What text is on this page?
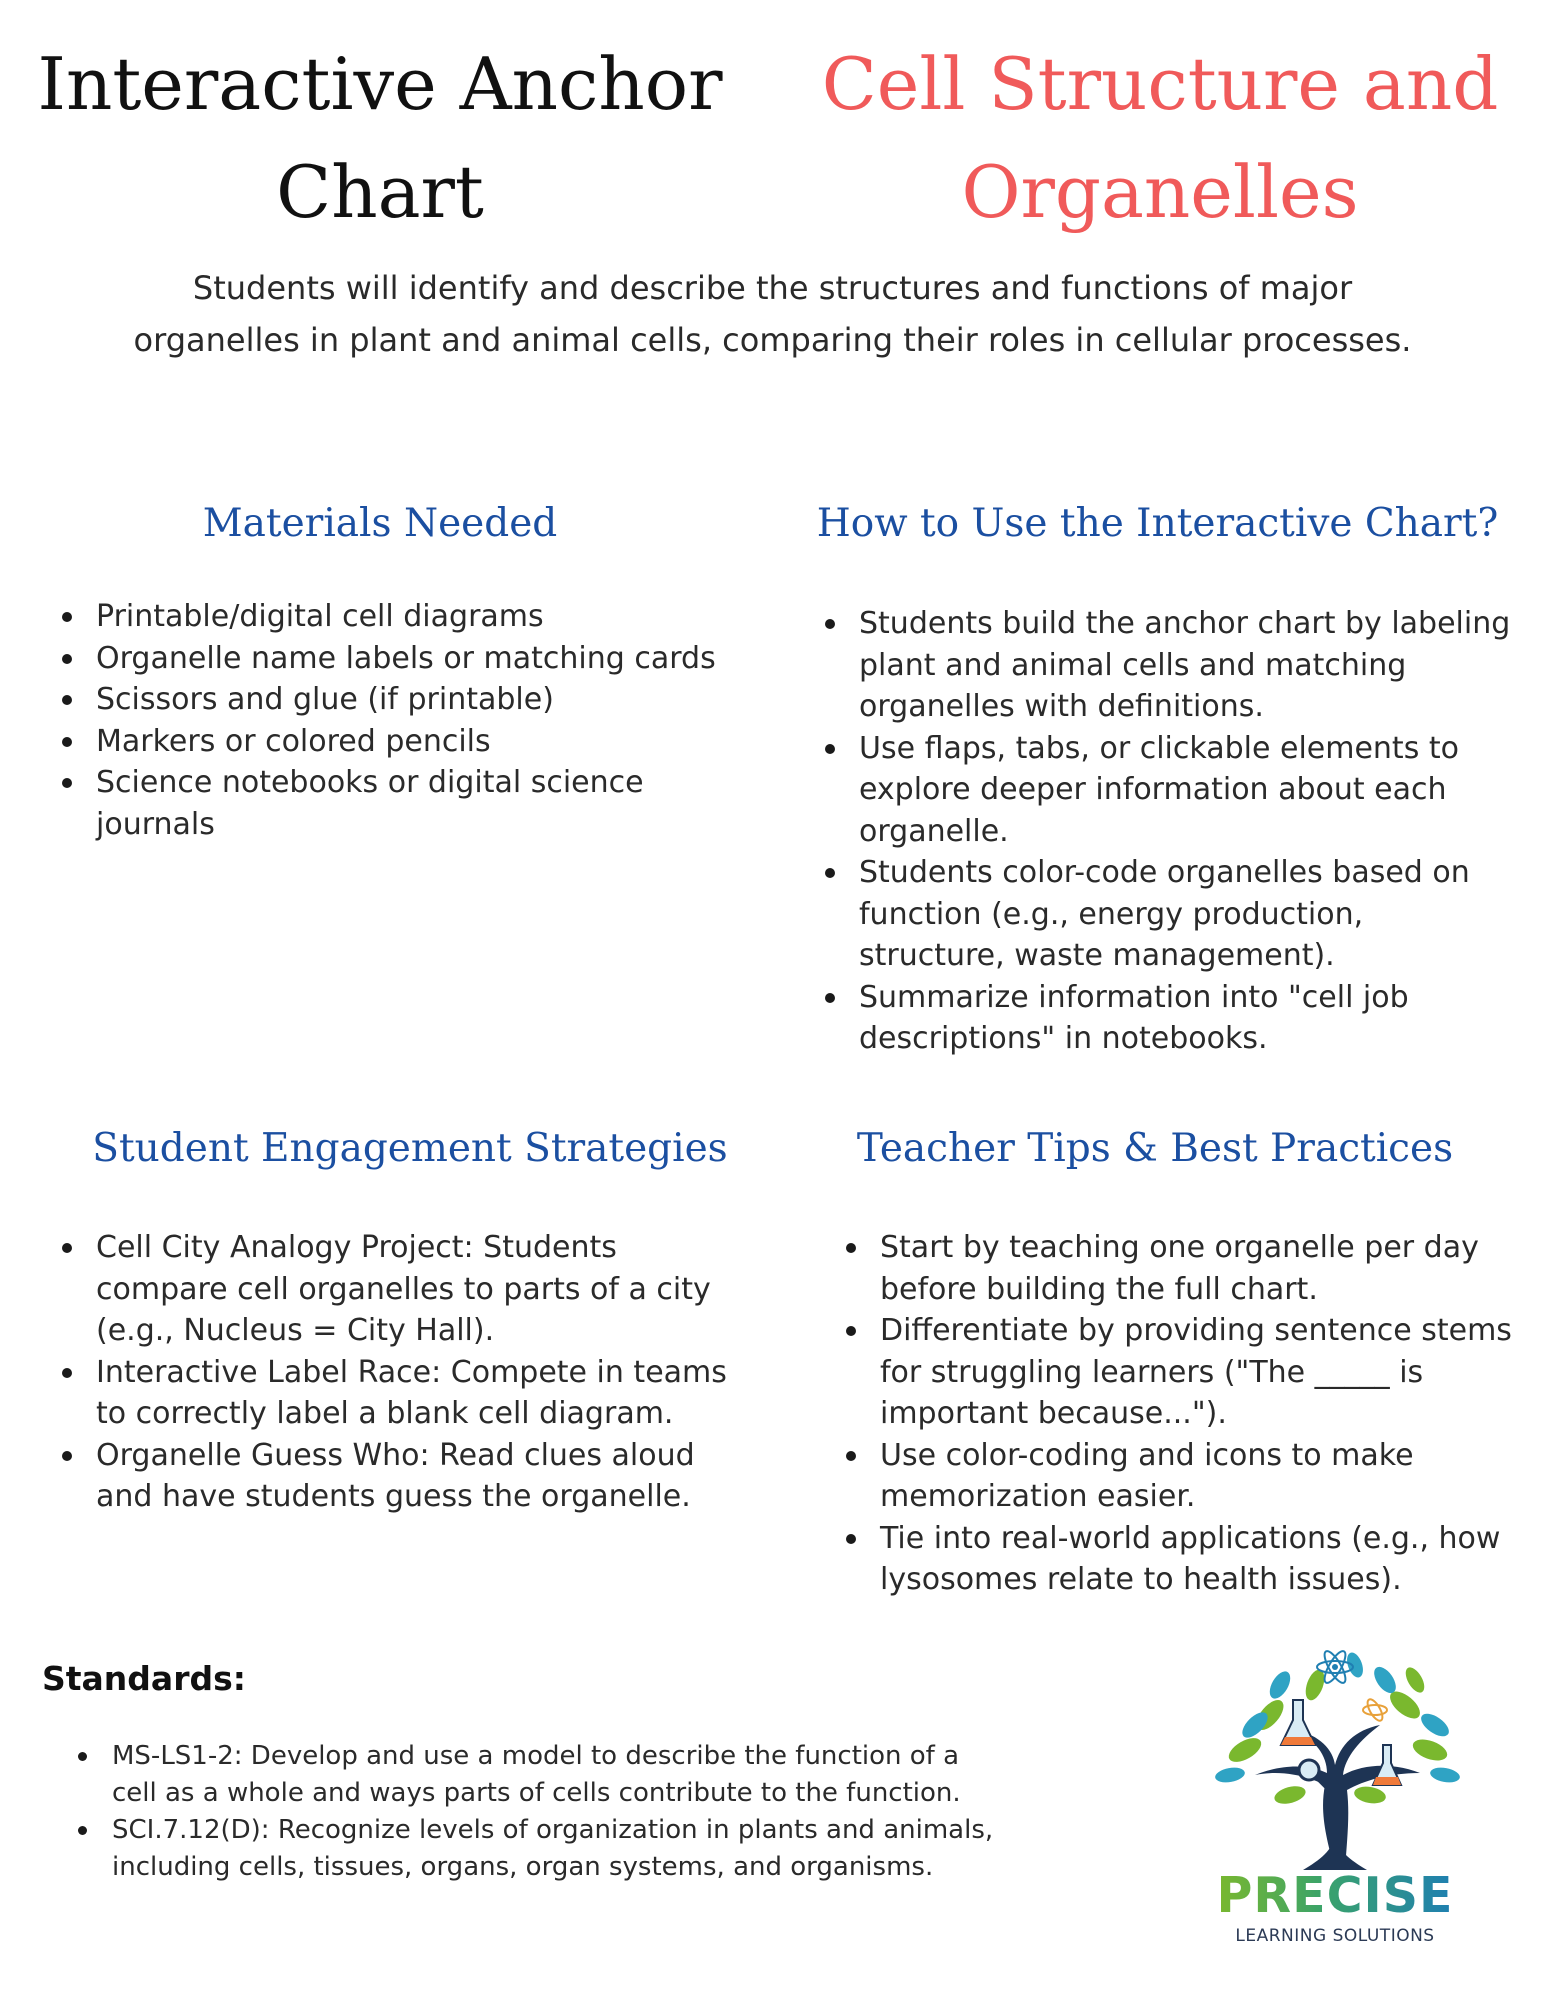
Interactive Anchor
Chart
Cell Structure and
Organelles

Students will identify and describe the structures and functions of major
organelles in plant and animal cells, comparing their roles in cellular processes.

Materials Needed
Printable/digital cell diagrams
Organelle name labels or matching cards
Scissors and glue (if printable)
Markers or colored pencils
Science notebooks or digital science journals
How to Use the Interactive Chart?
Students build the anchor chart by labeling plant and animal cells and matching organelles with definitions.
Use flaps, tabs, or clickable elements to explore deeper information about each organelle.
Students color-code organelles based on function (e.g., energy production, structure, waste management).
Summarize information into "cell job descriptions" in notebooks.
Student Engagement Strategies
Cell City Analogy Project: Students compare cell organelles to parts of a city (e.g., Nucleus = City Hall).
Interactive Label Race: Compete in teams to correctly label a blank cell diagram.
Organelle Guess Who: Read clues aloud and have students guess the organelle.
Teacher Tips & Best Practices
Start by teaching one organelle per day before building the full chart.
Differentiate by providing sentence stems for struggling learners ("The _____ is important because...").
Use color-coding and icons to make memorization easier.
Tie into real-world applications (e.g., how lysosomes relate to health issues).
Standards:
MS-LS1-2: Develop and use a model to describe the function of a cell as a whole and ways parts of cells contribute to the function.
SCI.7.12(D): Recognize levels of organization in plants and animals, including cells, tissues, organs, organ systems, and organisms.	PRECISE
LEARNING SOLUTIONS
